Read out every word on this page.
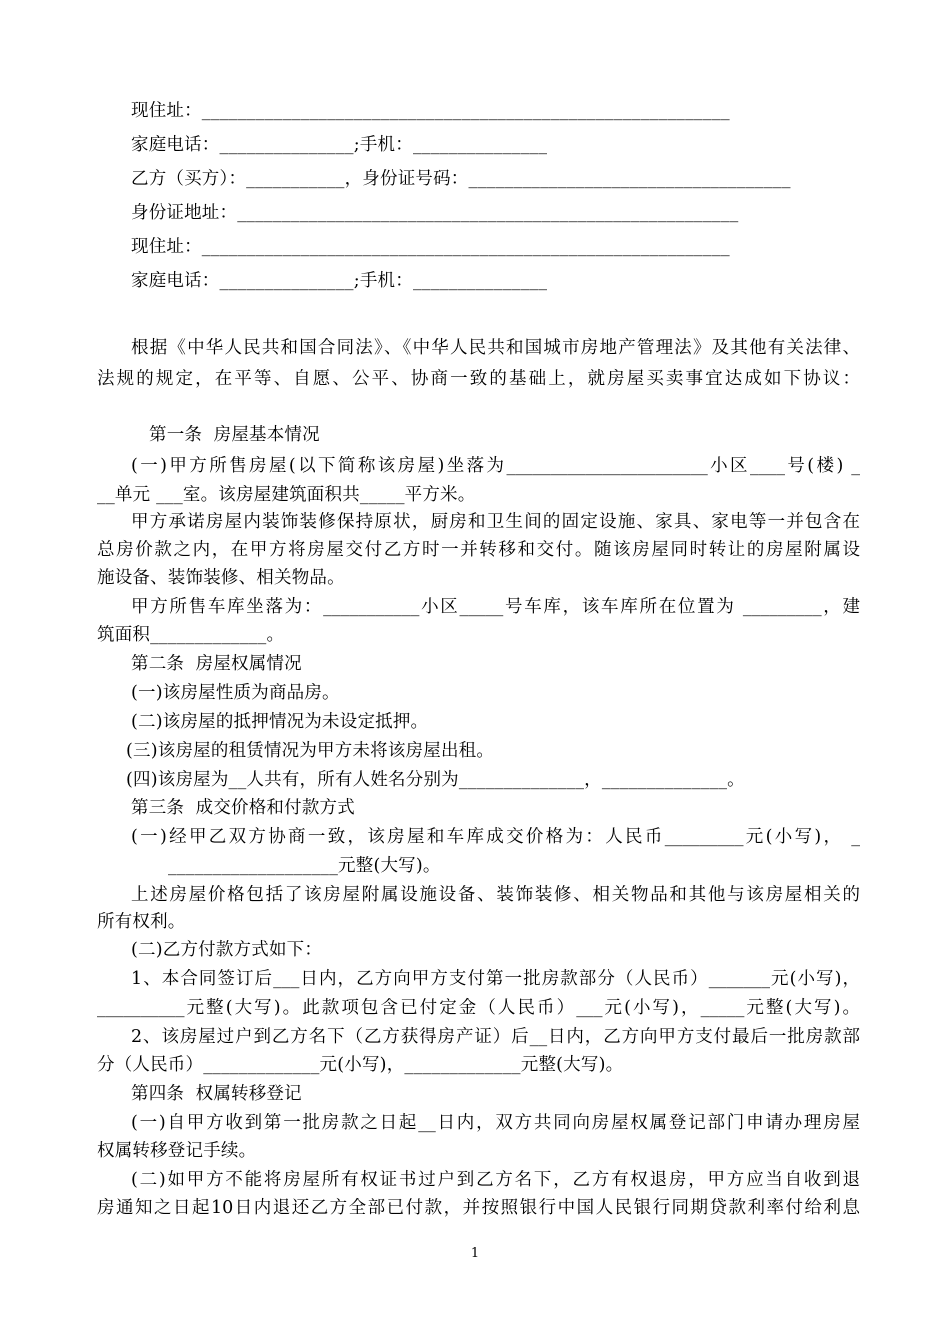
现住址：___________________________________________________________
家庭电话：_______________;手机：_______________
乙方（买方）：___________，身份证号码：____________________________________
身份证地址：________________________________________________________
现住址：___________________________________________________________
家庭电话：_______________;手机：_______________
根据《中华人民共和国合同法》、《中华人民共和国城市房地产管理法》及其他有关法律、
法规的规定，在平等、自愿、公平、协商一致的基础上，就房屋买卖事宜达成如下协议：
第一条  房屋基本情况
(一)甲方所售房屋(以下简称该房屋)坐落为_______________________小区____号(楼) _
__单元 ___室。该房屋建筑面积共_____平方米。
甲方承诺房屋内装饰装修保持原状，厨房和卫生间的固定设施、家具、家电等一并包含在
总房价款之内，在甲方将房屋交付乙方时一并转移和交付。随该房屋同时转让的房屋附属设
施设备、装饰装修、相关物品。
甲方所售车库坐落为：___________小区_____号车库，该车库所在位置为 _________，建
筑面积_____________。
第二条  房屋权属情况
(一)该房屋性质为商品房。
(二)该房屋的抵押情况为未设定抵押。
(三)该房屋的租赁情况为甲方未将该房屋出租。
(四)该房屋为__人共有，所有人姓名分别为______________，______________。
第三条  成交价格和付款方式
(一)经甲乙双方协商一致，该房屋和车库成交价格为：人民币_________元(小写)， _
___________________元整(大写)。
上述房屋价格包括了该房屋附属设施设备、装饰装修、相关物品和其他与该房屋相关的
所有权利。
(二)乙方付款方式如下：
1、本合同签订后___日内，乙方向甲方支付第一批房款部分（人民币）_______元(小写)，
__________元整(大写)。此款项包含已付定金（人民币）___元(小写)，_____元整(大写)。
2、该房屋过户到乙方名下（乙方获得房产证）后__日内，乙方向甲方支付最后一批房款部
分（人民币）_____________元(小写)，_____________元整(大写)。
第四条  权属转移登记
(一)自甲方收到第一批房款之日起__日内，双方共同向房屋权属登记部门申请办理房屋
权属转移登记手续。
(二)如甲方不能将房屋所有权证书过户到乙方名下，乙方有权退房，甲方应当自收到退
房通知之日起10日内退还乙方全部已付款，并按照银行中国人民银行同期贷款利率付给利息
1
